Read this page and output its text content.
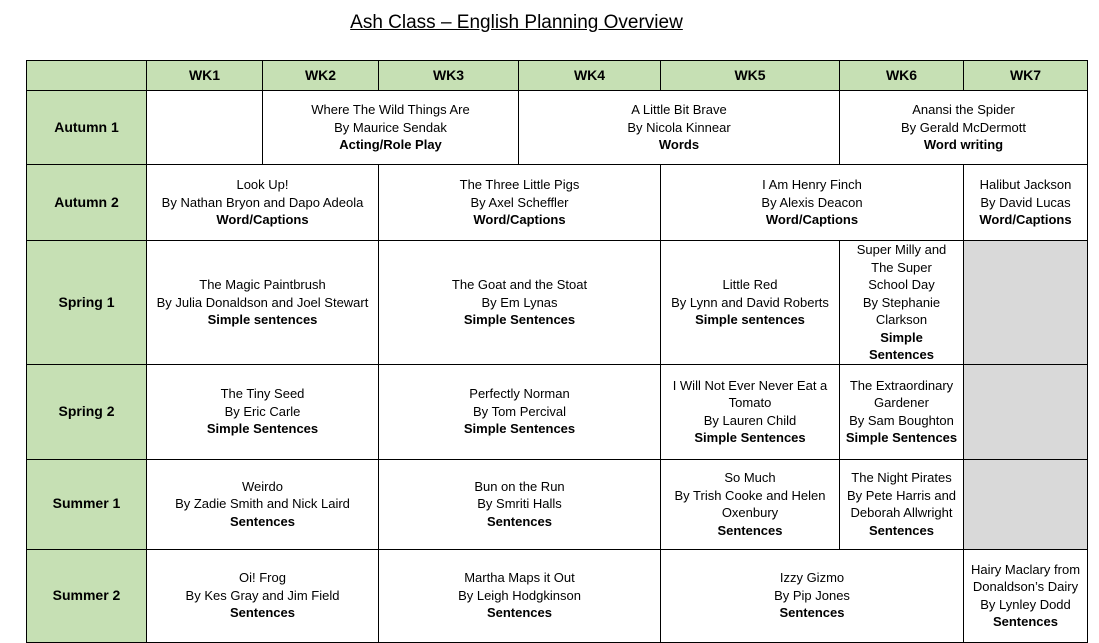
Ash Class – English Planning Overview
	WK1	WK2	WK3	WK4	WK5	WK6	WK7
Autumn 1		Where The Wild Things Are
By Maurice Sendak
Acting/Role Play		A Little Bit Brave
By Nicola Kinnear
Words		Anansi the Spider
By Gerald McDermott
Word writing	

Autumn 2	Look Up!
By Nathan Bryon and Dapo Adeola
Word/Captions		The Three Little Pigs
By Axel Scheffler
Word/Captions		I Am Henry Finch
By Alexis Deacon
Word/Captions		Halibut Jackson
By David Lucas
Word/Captions

Spring 1	The Magic Paintbrush
By Julia Donaldson and Joel Stewart
Simple sentences		The Goat and the Stoat
By Em Lynas
Simple Sentences		Little Red
By Lynn and David Roberts
Simple sentences	Super Milly and The Super School Day
By Stephanie Clarkson
Simple Sentences	

Spring 2	The Tiny Seed
By Eric Carle
Simple Sentences		Perfectly Norman
By Tom Percival
Simple Sentences		I Will Not Ever Never Eat a Tomato
By Lauren Child
Simple Sentences	The Extraordinary Gardener
By Sam Boughton
Simple Sentences	

Summer 1	Weirdo
By Zadie Smith and Nick Laird
Sentences		Bun on the Run
By Smriti Halls
Sentences		So Much
By Trish Cooke and Helen Oxenbury
Sentences	The Night Pirates
By Pete Harris and Deborah Allwright
Sentences	

Summer 2	Oi! Frog
By Kes Gray and Jim Field
Sentences		Martha Maps it Out
By Leigh Hodgkinson
Sentences		Izzy Gizmo
By Pip Jones
Sentences		Hairy Maclary from Donaldson’s Dairy By Lynley Dodd
Sentences
